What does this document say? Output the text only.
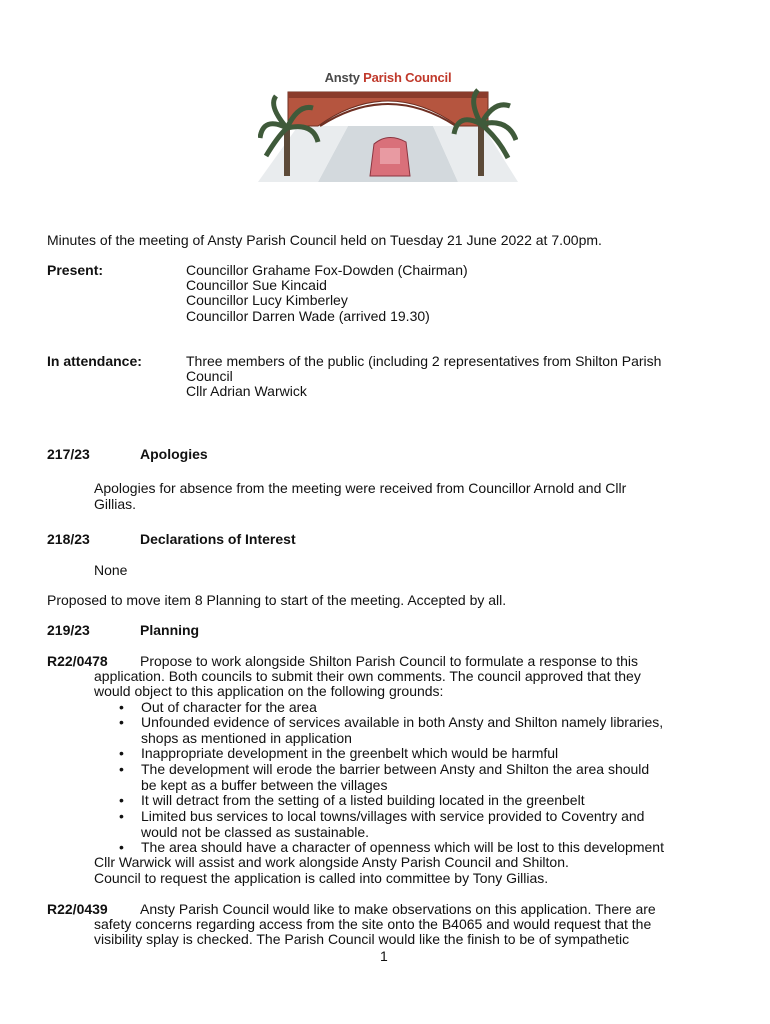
Ansty Parish Council
Minutes of the meeting of Ansty Parish Council held on Tuesday 21 June 2022 at 7.00pm.
Present:	Councillor Grahame Fox-Dowden (Chairman)
Councillor Sue Kincaid
Councillor Lucy Kimberley
Councillor Darren Wade (arrived 19.30)
In attendance:	Three members of the public (including 2 representatives from Shilton Parish
Council
Cllr Adrian Warwick
217/23	Apologies
Apologies for absence from the meeting were received from Councillor Arnold and Cllr
Gillias.
218/23	Declarations of Interest
None
Proposed to move item 8 Planning to start of the meeting. Accepted by all.
219/23	Planning
R22/0478 Propose to work alongside Shilton Parish Council to formulate a response to this
application. Both councils to submit their own comments. The council approved that they
would object to this application on the following grounds:
• Out of character for the area
• Unfounded evidence of services available in both Ansty and Shilton namely libraries,
shops as mentioned in application
• Inappropriate development in the greenbelt which would be harmful
• The development will erode the barrier between Ansty and Shilton the area should
be kept as a buffer between the villages
• It will detract from the setting of a listed building located in the greenbelt
• Limited bus services to local towns/villages with service provided to Coventry and
would not be classed as sustainable.
• The area should have a character of openness which will be lost to this development
Cllr Warwick will assist and work alongside Ansty Parish Council and Shilton.
Council to request the application is called into committee by Tony Gillias.
R22/0439 Ansty Parish Council would like to make observations on this application. There are
safety concerns regarding access from the site onto the B4065 and would request that the
visibility splay is checked. The Parish Council would like the finish to be of sympathetic
1
